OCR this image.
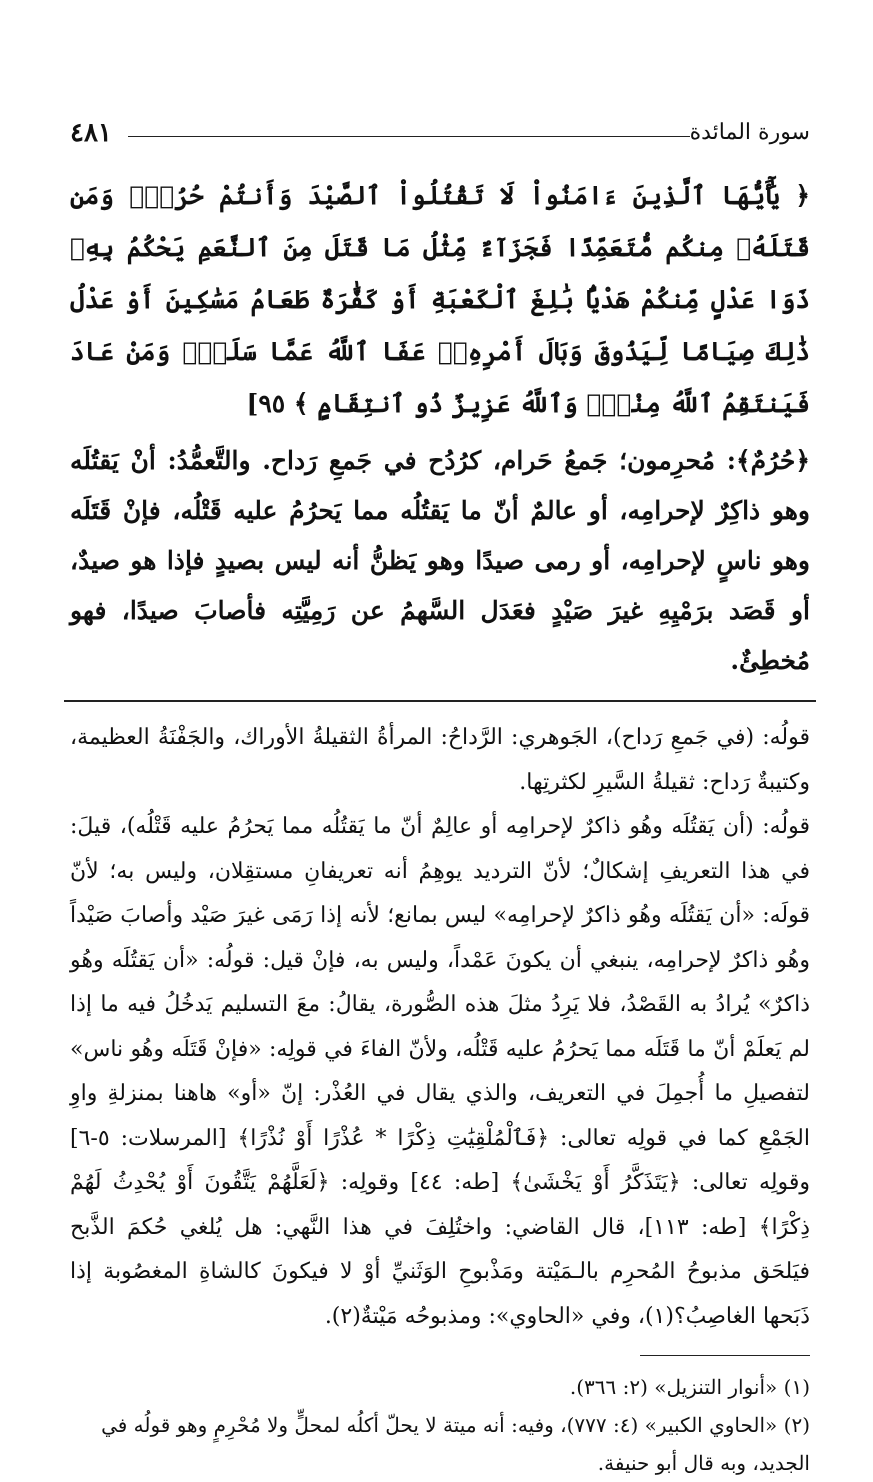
سورة المائدة
٤٨١

﴿ يَٰٓأَيُّهَا ٱلَّذِينَ ءَامَنُواْ لَا تَقْتُلُواْ ٱلصَّيْدَ وَأَنتُمْ حُرُمٌۚ وَمَن قَتَلَهُۥ مِنكُم مُّتَعَمِّدًا فَجَزَآءٌ مِّثْلُ مَا قَتَلَ مِنَ ٱلنَّعَمِ يَحْكُمُ بِهِۦ ذَوَا عَدْلٍ مِّنكُمْ هَدْيًۢا بَٰلِغَ ٱلْكَعْبَةِ أَوْ كَفَّٰرَةٌ طَعَامُ مَسَٰكِينَ أَوْ عَدْلُ ذَٰلِكَ صِيَامًا لِّيَذُوقَ وَبَالَ أَمْرِهِۦۗ عَفَا ٱللَّهُ عَمَّا سَلَفَۚ وَمَنْ عَادَ فَيَنتَقِمُ ٱللَّهُ مِنْهُۚ وَٱللَّهُ عَزِيزٌ ذُو ٱنتِقَامٍ ﴾ ٩٥]

﴿حُرُمٌ﴾: مُحرِمون؛ جَمعُ حَرام، كرُدُح في جَمعِ رَداح. والتَّعمُّدُ: أنْ يَقتُلَه وهو ذاكِرٌ لإحرامِه، أو عالمٌ أنّ ما يَقتُلُه مما يَحرُمُ عليه قَتْلُه، فإنْ قَتَلَه وهو ناسٍ لإحرامِه، أو رمى صيدًا وهو يَظنُّ أنه ليس بصيدٍ فإذا هو صيدٌ، أو قَصَد برَمْيِهِ غيرَ صَيْدٍ فعَدَل السَّهمُ عن رَمِيَّتِه فأصابَ صيدًا، فهو مُخطِئٌ.

قولُه: (في جَمعِ رَداح)، الجَوهري: الرَّداحُ: المرأةُ الثقيلةُ الأوراك، والجَفْنَةُ العظيمة، وكتيبةٌ رَداح: ثقيلةُ السَّيرِ لكثرتِها.

قولُه: (أن يَقتُلَه وهُو ذاكرٌ لإحرامِه أو عالِمٌ أنّ ما يَقتُلُه مما يَحرُمُ عليه قَتْلُه)، قيلَ: في هذا التعريفِ إشكالٌ؛ لأنّ الترديد يوهِمُ أنه تعريفانِ مستقِلان، وليس به؛ لأنّ قولَه: «أن يَقتُلَه وهُو ذاكرٌ لإحرامِه» ليس بمانع؛ لأنه إذا رَمَى غيرَ صَيْد وأصابَ صَيْداً وهُو ذاكرٌ لإحرامِه، ينبغي أن يكونَ عَمْداً، وليس به، فإنْ قيل: قولُه: «أن يَقتُلَه وهُو ذاكرٌ» يُرادُ به القَصْدُ، فلا يَرِدُ مثلَ هذه الصُّورة، يقالُ: معَ التسليم يَدخُلُ فيه ما إذا لم يَعلَمْ أنّ ما قَتَلَه مما يَحرُمُ عليه قَتْلُه، ولأنّ الفاءَ في قولِه: «فإنْ قَتَلَه وهُو ناس» لتفصيلِ ما أُجمِلَ في التعريف، والذي يقال في العُذْر: إنّ «أو» هاهنا بمنزلةِ واوِ الجَمْعِ كما في قولِه تعالى: ﴿فَٱلْمُلْقِيَٰتِ ذِكْرًا * عُذْرًا أَوْ نُذْرًا﴾ [المرسلات: ٥-٦] وقولِه تعالى: ﴿يَتَذَكَّرُ أَوْ يَخْشَىٰ﴾ [طه: ٤٤] وقولِه: ﴿لَعَلَّهُمْ يَتَّقُونَ أَوْ يُحْدِثُ لَهُمْ ذِكْرًا﴾ [طه: ١١٣]، قال القاضي: واختُلِفَ في هذا النَّهي: هل يُلغي حُكمَ الذَّبح فيَلحَق مذبوحُ المُحرِم بالـمَيْتة ومَذْبوحِ الوَثَنيِّ أوْ لا فيكونَ كالشاةِ المغصُوبة إذا ذَبَحها الغاصِبُ؟(١)، وفي «الحاوي»: ومذبوحُه مَيْتةٌ(٢).

(١) «أنوار التنزيل» (٢: ٣٦٦).

(٢) «الحاوي الكبير» (٤: ٧٧٧)، وفيه: أنه ميتة لا يحلّ أكلُه لمحلٍّ ولا مُحْرِمٍ وهو قولُه في الجديد، وبه قال أبو حنيفة.
